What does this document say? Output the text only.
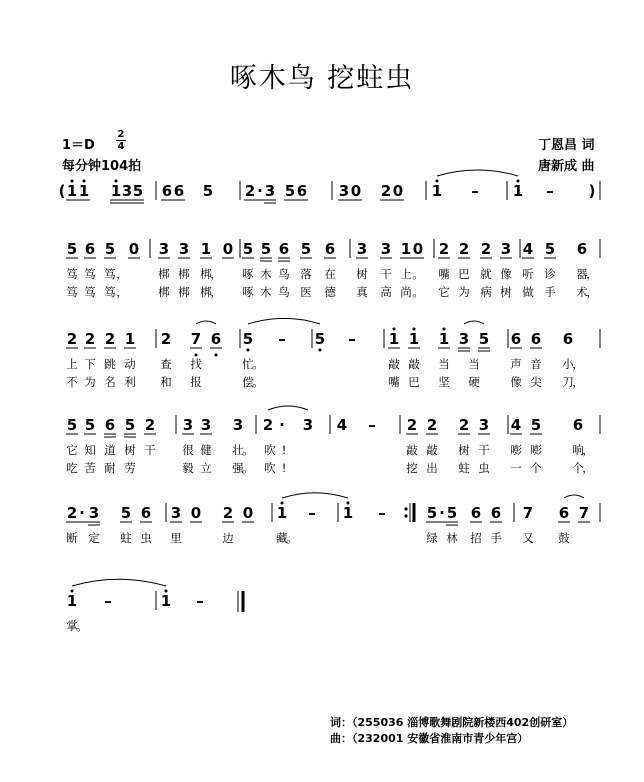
啄木鸟 挖蛀虫
1＝D
2
4
每分钟104拍
丁恩昌 词
唐新成 曲
( 1 1 1 3 5 6 6 5 2 · 3 5 6 3 0 2 0 1 – 1 – )
5 6 5 0 3 3 1 0 5 5 6 5 6 3 3 1 0 2 2 2 3 4 5 6
笃 笃 笃 ，	梆 梆 梆
， 啄 木 鸟 落 在 树 干 上 。 嘴 巴 就 像 听 诊 器
，
笃 笃 笃 ，	梆 梆 梆
， 啄 木 鸟 医 德 真 高 尚 。 它 为 病 树 做 手 术
，
2 2 2 1 2 7 6 5 – 5 – 1 1 1 3 5 6 6 6
上 下 跳 动 查 找	忙
。	敲 敲 当 当	声 音 小
，
不 为 名 利 和 报	偿
。	嘴 巴 坚 硬	像 尖 刀
，
5 5 6 5 2 3 3 3 2 · 3 4 – 2 2 2 3 4 5 6
它 知 道 树 干 很 健 壮
。 吹 !	敲 敲 树 干 嘭 嘭	响
，
吃 苦 耐 劳	毅 立 强
。 吹 !	挖 出 蛀 虫 一 个	个
，
2 · 3 5 6 3 0 2 0 1 – 1 –	5 · 5 6 6 7 6 7
断 定 蛀 虫 里	边	藏
。	绿 林 招 手 又 鼓
1 –	1 –
掌
。
词：（255036 淄博歌舞剧院新楼西402创研室）
曲：（232001 安徽省淮南市青少年宫）
